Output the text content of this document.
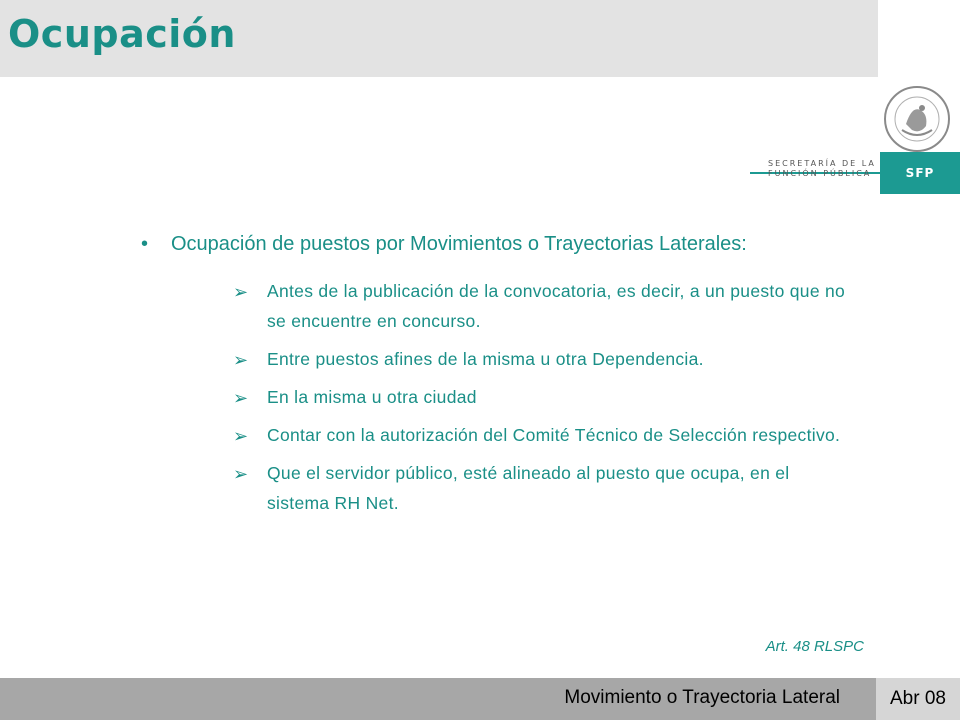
Ocupación
SECRETARÍA DE LA
FUNCIÓN PÚBLICA	SFP
• Ocupación de puestos por Movimientos o Trayectorias Laterales:
➢ Antes de la publicación de la convocatoria, es decir, a un puesto que no se encuentre en concurso.
➢ Entre puestos afines de la misma u otra Dependencia.
➢ En la misma u otra ciudad
➢ Contar con la autorización del Comité Técnico de Selección respectivo.
➢ Que el servidor público, esté alineado al puesto que ocupa, en el sistema RH Net.
Art. 48 RLSPC
Movimiento o Trayectoria Lateral	Abr 08
